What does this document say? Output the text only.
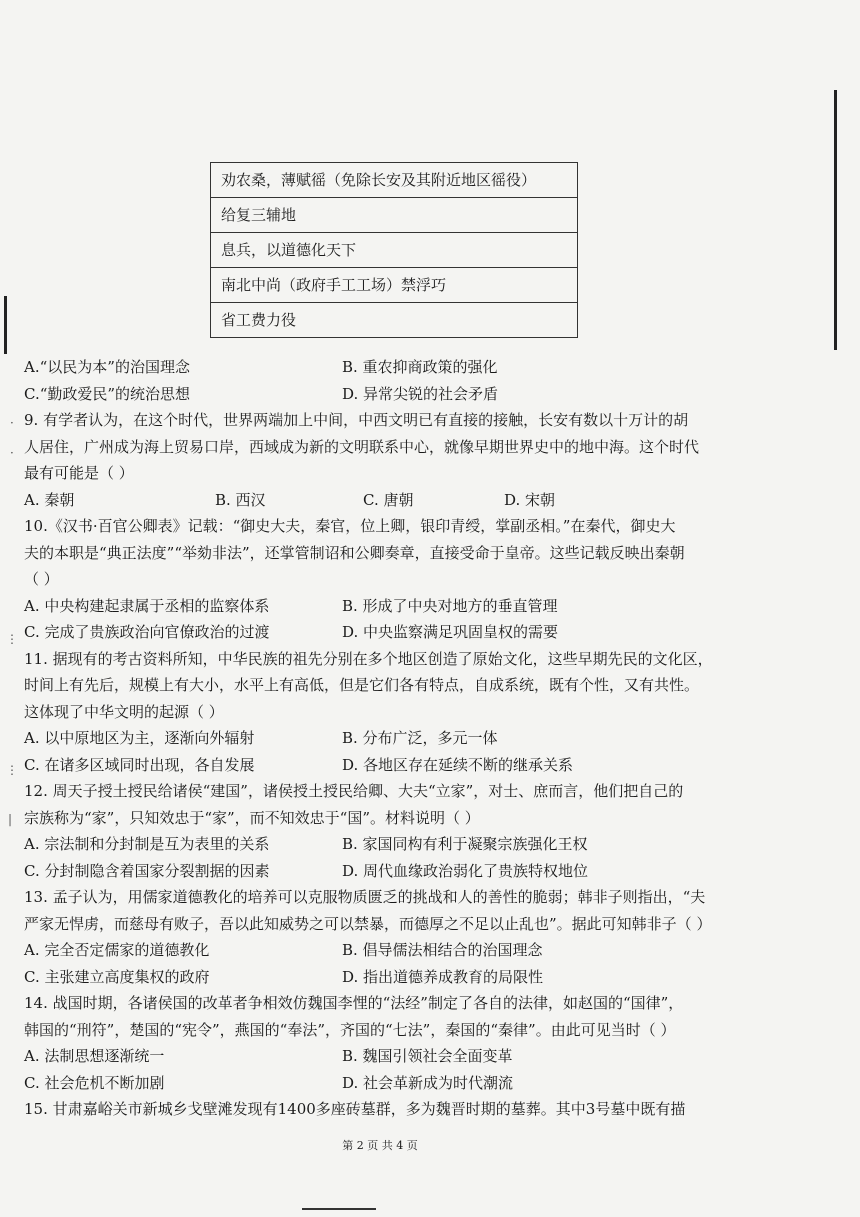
·
·
⋮
⋮
|
劝农桑，薄赋徭（免除长安及其附近地区徭役）
给复三辅地
息兵，以道德化天下
南北中尚（政府手工工场）禁浮巧
省工费力役
A.“以民为本”的治国理念	B. 重农抑商政策的强化
C.“勤政爱民”的统治思想	D. 异常尖锐的社会矛盾
9. 有学者认为，在这个时代，世界两端加上中间，中西文明已有直接的接触，长安有数以十万计的胡
人居住，广州成为海上贸易口岸，西域成为新的文明联系中心，就像早期世界史中的地中海。这个时代
最有可能是（ ）
A. 秦朝	B. 西汉	C. 唐朝	D. 宋朝
10.《汉书·百官公卿表》记载：“御史大夫，秦官，位上卿，银印青绶，掌副丞相。”在秦代，御史大
夫的本职是“典正法度”“举劾非法”，还掌管制诏和公卿奏章，直接受命于皇帝。这些记载反映出秦朝
（ ）
A. 中央构建起隶属于丞相的监察体系	B. 形成了中央对地方的垂直管理
C. 完成了贵族政治向官僚政治的过渡	D. 中央监察满足巩固皇权的需要
11. 据现有的考古资料所知，中华民族的祖先分别在多个地区创造了原始文化，这些早期先民的文化区，
时间上有先后，规模上有大小，水平上有高低，但是它们各有特点，自成系统，既有个性，又有共性。
这体现了中华文明的起源（ ）
A. 以中原地区为主，逐渐向外辐射	B. 分布广泛，多元一体
C. 在诸多区域同时出现，各自发展	D. 各地区存在延续不断的继承关系
12. 周天子授土授民给诸侯“建国”，诸侯授土授民给卿、大夫“立家”，对士、庶而言，他们把自己的
宗族称为“家”，只知效忠于“家”，而不知效忠于“国”。材料说明（ ）
A. 宗法制和分封制是互为表里的关系	B. 家国同构有利于凝聚宗族强化王权
C. 分封制隐含着国家分裂割据的因素	D. 周代血缘政治弱化了贵族特权地位
13. 孟子认为，用儒家道德教化的培养可以克服物质匮乏的挑战和人的善性的脆弱；韩非子则指出，“夫
严家无悍虏，而慈母有败子，吾以此知威势之可以禁暴，而德厚之不足以止乱也”。据此可知韩非子（ ）
A. 完全否定儒家的道德教化	B. 倡导儒法相结合的治国理念
C. 主张建立高度集权的政府	D. 指出道德养成教育的局限性
14. 战国时期，各诸侯国的改革者争相效仿魏国李悝的“法经”制定了各自的法律，如赵国的“国律”，
韩国的“刑符”，楚国的“宪令”，燕国的“奉法”，齐国的“七法”，秦国的“秦律”。由此可见当时（ ）
A. 法制思想逐渐统一	B. 魏国引领社会全面变革
C. 社会危机不断加剧	D. 社会革新成为时代潮流
15. 甘肃嘉峪关市新城乡戈壁滩发现有1400多座砖墓群，多为魏晋时期的墓葬。其中3号墓中既有描
第 2 页 共 4 页
